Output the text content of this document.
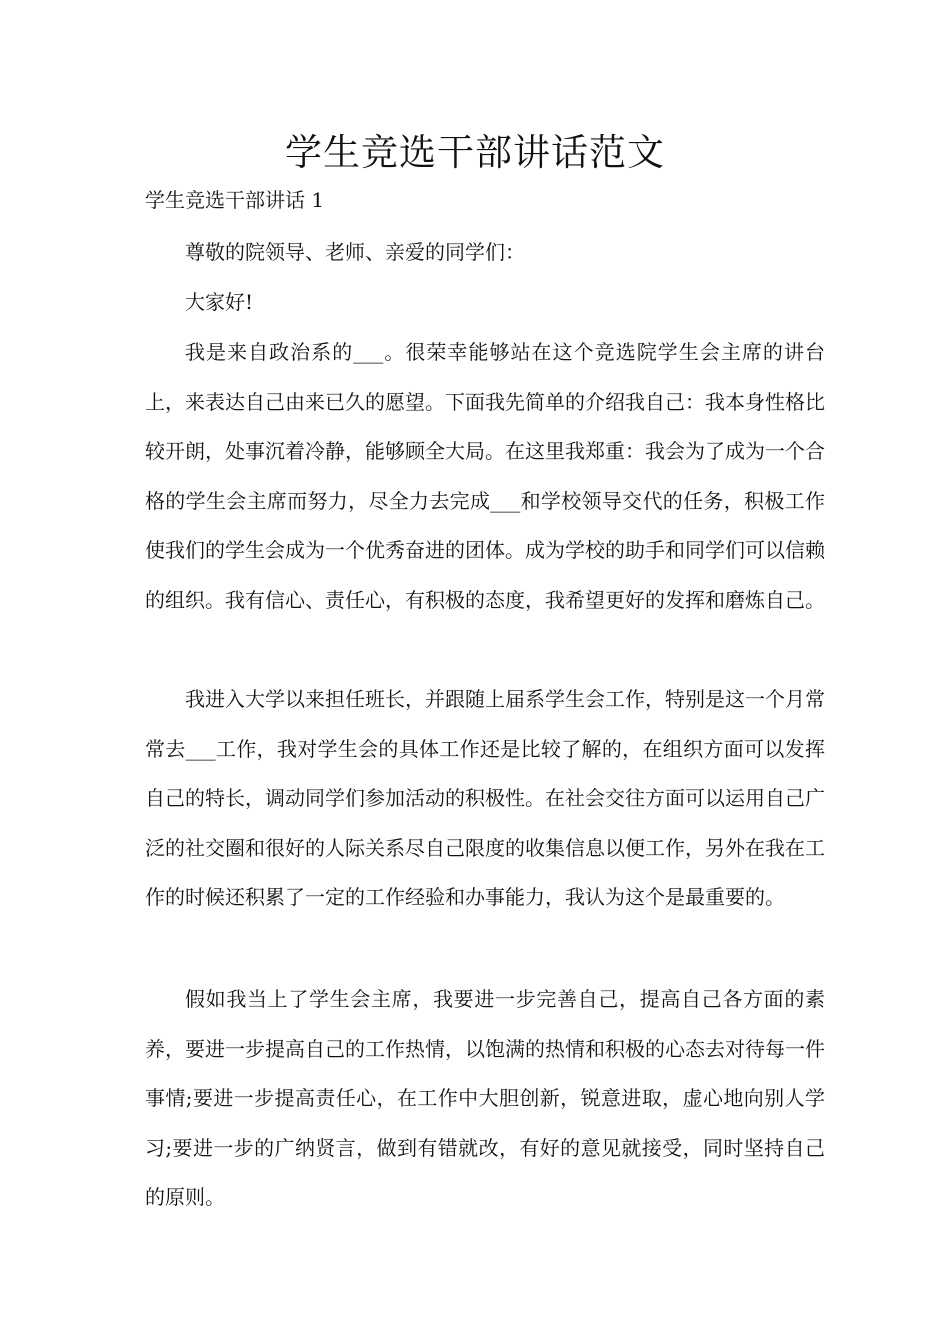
学生竞选干部讲话范文
学生竞选干部讲话 1

尊敬的院领导、老师、亲爱的同学们：

大家好!

我是来自政治系的___。很荣幸能够站在这个竞选院学生会主席的讲台上，来表达自己由来已久的愿望。下面我先简单的介绍我自己：我本身性格比较开朗，处事沉着冷静，能够顾全大局。在这里我郑重：我会为了成为一个合格的学生会主席而努力，尽全力去完成___和学校领导交代的任务，积极工作使我们的学生会成为一个优秀奋进的团体。成为学校的助手和同学们可以信赖的组织。我有信心、责任心，有积极的态度，我希望更好的发挥和磨炼自己。

我进入大学以来担任班长，并跟随上届系学生会工作，特别是这一个月常常去___工作，我对学生会的具体工作还是比较了解的，在组织方面可以发挥自己的特长，调动同学们参加活动的积极性。在社会交往方面可以运用自己广泛的社交圈和很好的人际关系尽自己限度的收集信息以便工作，另外在我在工作的时候还积累了一定的工作经验和办事能力，我认为这个是最重要的。

假如我当上了学生会主席，我要进一步完善自己，提高自己各方面的素养，要进一步提高自己的工作热情，以饱满的热情和积极的心态去对待每一件事情;要进一步提高责任心，在工作中大胆创新，锐意进取，虚心地向别人学习;要进一步的广纳贤言，做到有错就改，有好的意见就接受，同时坚持自己的原则。
